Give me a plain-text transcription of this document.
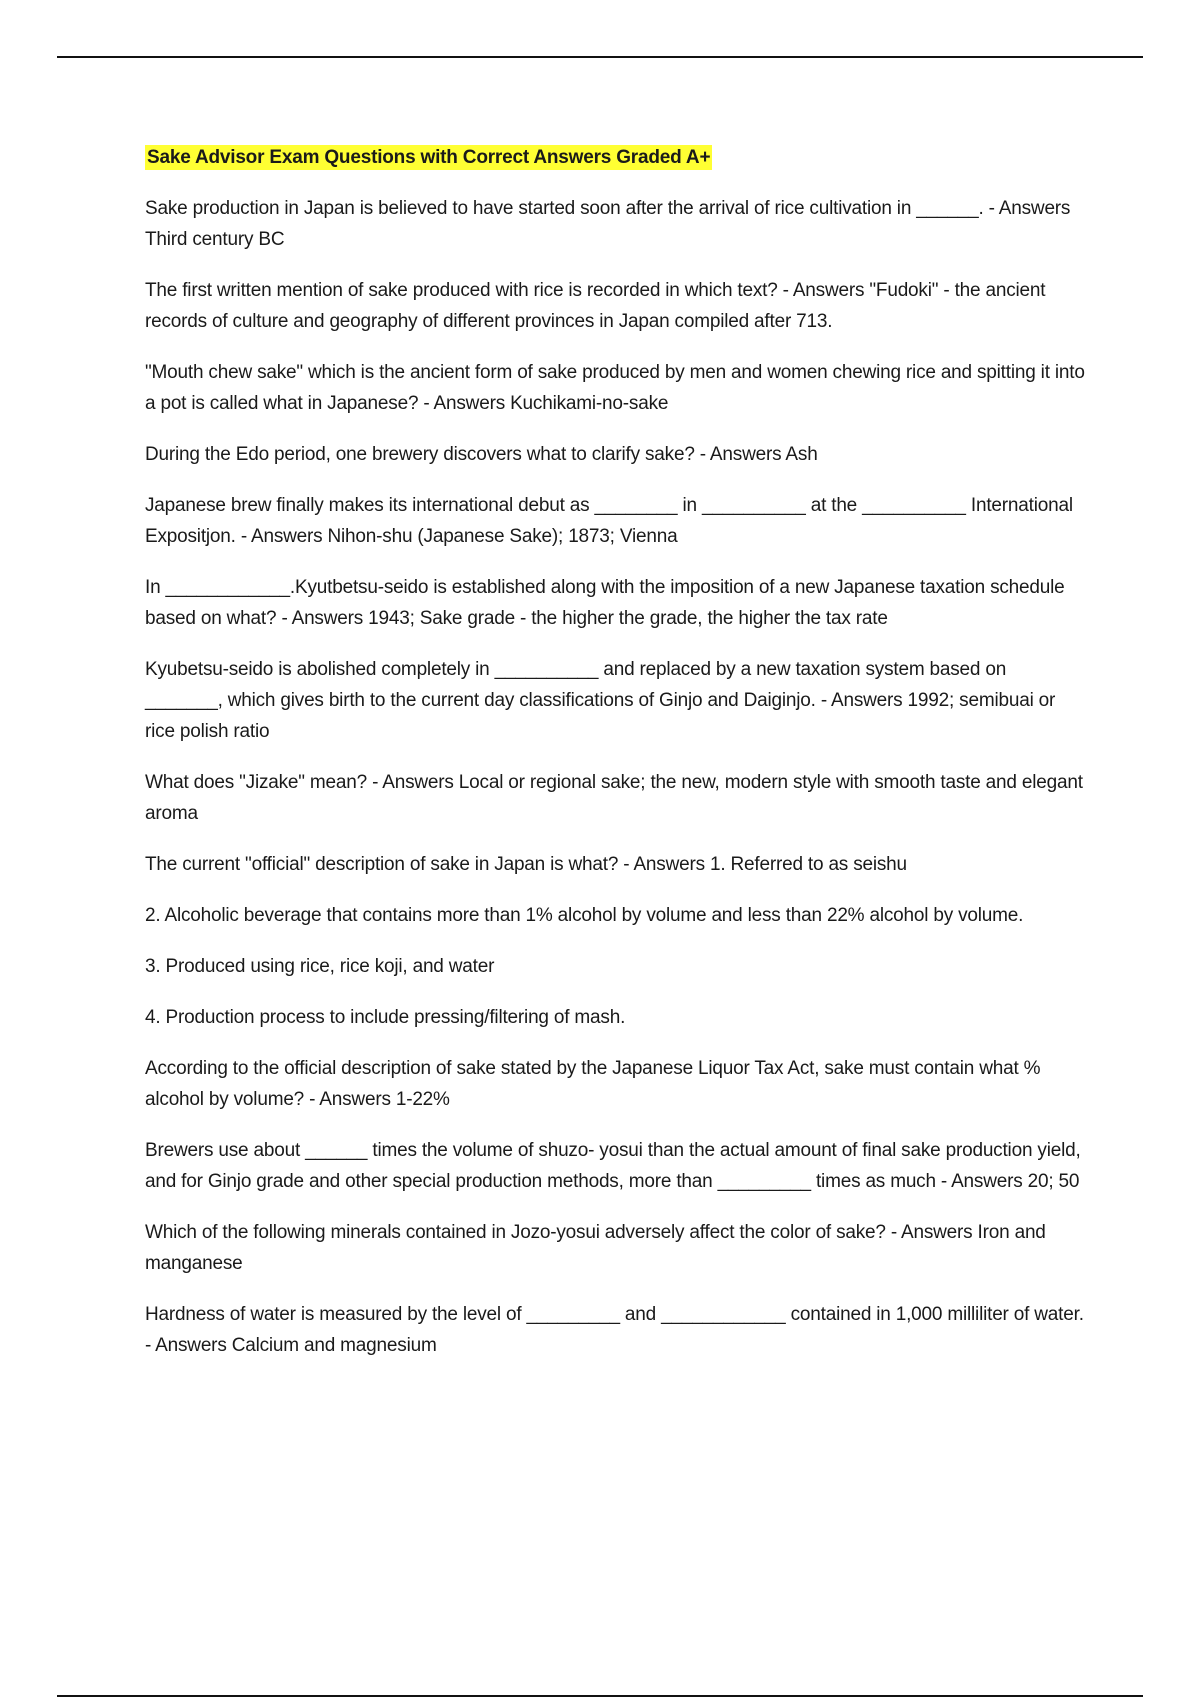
Sake Advisor Exam Questions with Correct Answers Graded A+

Sake production in Japan is believed to have started soon after the arrival of rice cultivation in ______. - Answers Third century BC

The first written mention of sake produced with rice is recorded in which text? - Answers "Fudoki" - the ancient records of culture and geography of different provinces in Japan compiled after 713.

"Mouth chew sake" which is the ancient form of sake produced by men and women chewing rice and spitting it into a pot is called what in Japanese? - Answers Kuchikami-no-sake

During the Edo period, one brewery discovers what to clarify sake? - Answers Ash

Japanese brew finally makes its international debut as ________ in __________ at the __________ International Expositjon. - Answers Nihon-shu (Japanese Sake); 1873; Vienna

In ____________.Kyutbetsu-seido is established along with the imposition of a new Japanese taxation schedule based on what? - Answers 1943; Sake grade - the higher the grade, the higher the tax rate

Kyubetsu-seido is abolished completely in __________ and replaced by a new taxation system based on _______, which gives birth to the current day classifications of Ginjo and Daiginjo. - Answers 1992; semibuai or rice polish ratio

What does "Jizake" mean? - Answers Local or regional sake; the new, modern style with smooth taste and elegant aroma

The current "official" description of sake in Japan is what? - Answers 1. Referred to as seishu

2. Alcoholic beverage that contains more than 1% alcohol by volume and less than 22% alcohol by volume.

3. Produced using rice, rice koji, and water

4. Production process to include pressing/filtering of mash.

According to the official description of sake stated by the Japanese Liquor Tax Act, sake must contain what % alcohol by volume? - Answers 1-22%

Brewers use about ______ times the volume of shuzo- yosui than the actual amount of final sake production yield, and for Ginjo grade and other special production methods, more than _________ times as much - Answers 20; 50

Which of the following minerals contained in Jozo-yosui adversely affect the color of sake? - Answers Iron and manganese

Hardness of water is measured by the level of _________ and ____________ contained in 1,000 milliliter of water. - Answers Calcium and magnesium
